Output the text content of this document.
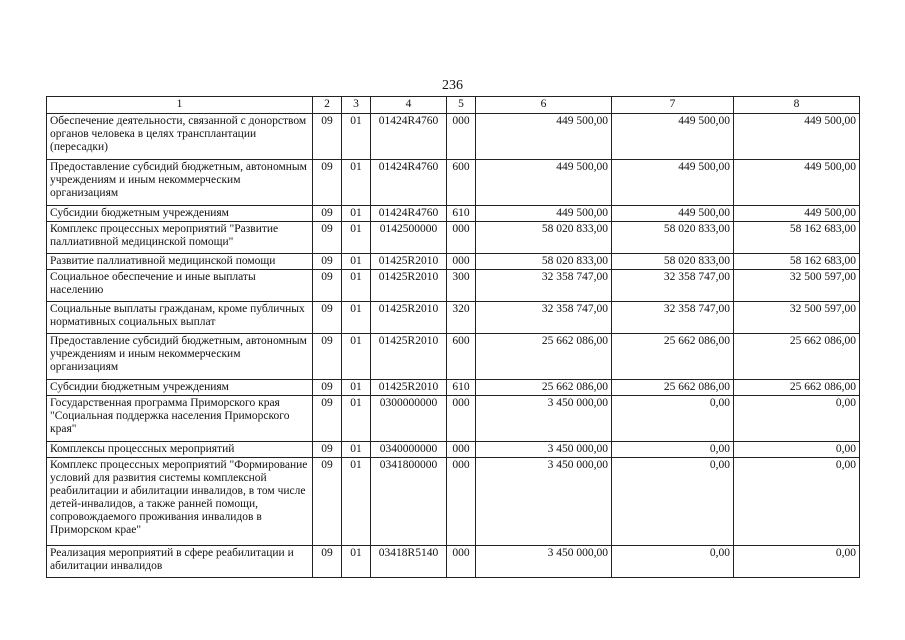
236
1	2	3	4	5	6	7	8
Обеспечение деятельности, связанной с донорством органов человека в целях трансплантации (пересадки)	09	01	01424R4760	000	449 500,00	449 500,00	449 500,00
Предоставление субсидий бюджетным, автономным учреждениям и иным некоммерческим организациям	09	01	01424R4760	600	449 500,00	449 500,00	449 500,00
Субсидии бюджетным учреждениям	09	01	01424R4760	610	449 500,00	449 500,00	449 500,00
Комплекс процессных мероприятий "Развитие паллиативной медицинской помощи"	09	01	0142500000	000	58 020 833,00	58 020 833,00	58 162 683,00
Развитие паллиативной медицинской помощи	09	01	01425R2010	000	58 020 833,00	58 020 833,00	58 162 683,00
Социальное обеспечение и иные выплаты населению	09	01	01425R2010	300	32 358 747,00	32 358 747,00	32 500 597,00
Социальные выплаты гражданам, кроме публичных нормативных социальных выплат	09	01	01425R2010	320	32 358 747,00	32 358 747,00	32 500 597,00
Предоставление субсидий бюджетным, автономным учреждениям и иным некоммерческим организациям	09	01	01425R2010	600	25 662 086,00	25 662 086,00	25 662 086,00
Субсидии бюджетным учреждениям	09	01	01425R2010	610	25 662 086,00	25 662 086,00	25 662 086,00
Государственная программа Приморского края "Социальная поддержка населения Приморского края"	09	01	0300000000	000	3 450 000,00	0,00	0,00
Комплексы процессных мероприятий	09	01	0340000000	000	3 450 000,00	0,00	0,00
Комплекс процессных мероприятий "Формирование условий для развития системы комплексной реабилитации и абилитации инвалидов, в том числе детей-инвалидов, а также ранней помощи, сопровождаемого проживания инвалидов в Приморском крае"	09	01	0341800000	000	3 450 000,00	0,00	0,00
Реализация мероприятий в сфере реабилитации и абилитации инвалидов	09	01	03418R5140	000	3 450 000,00	0,00	0,00
